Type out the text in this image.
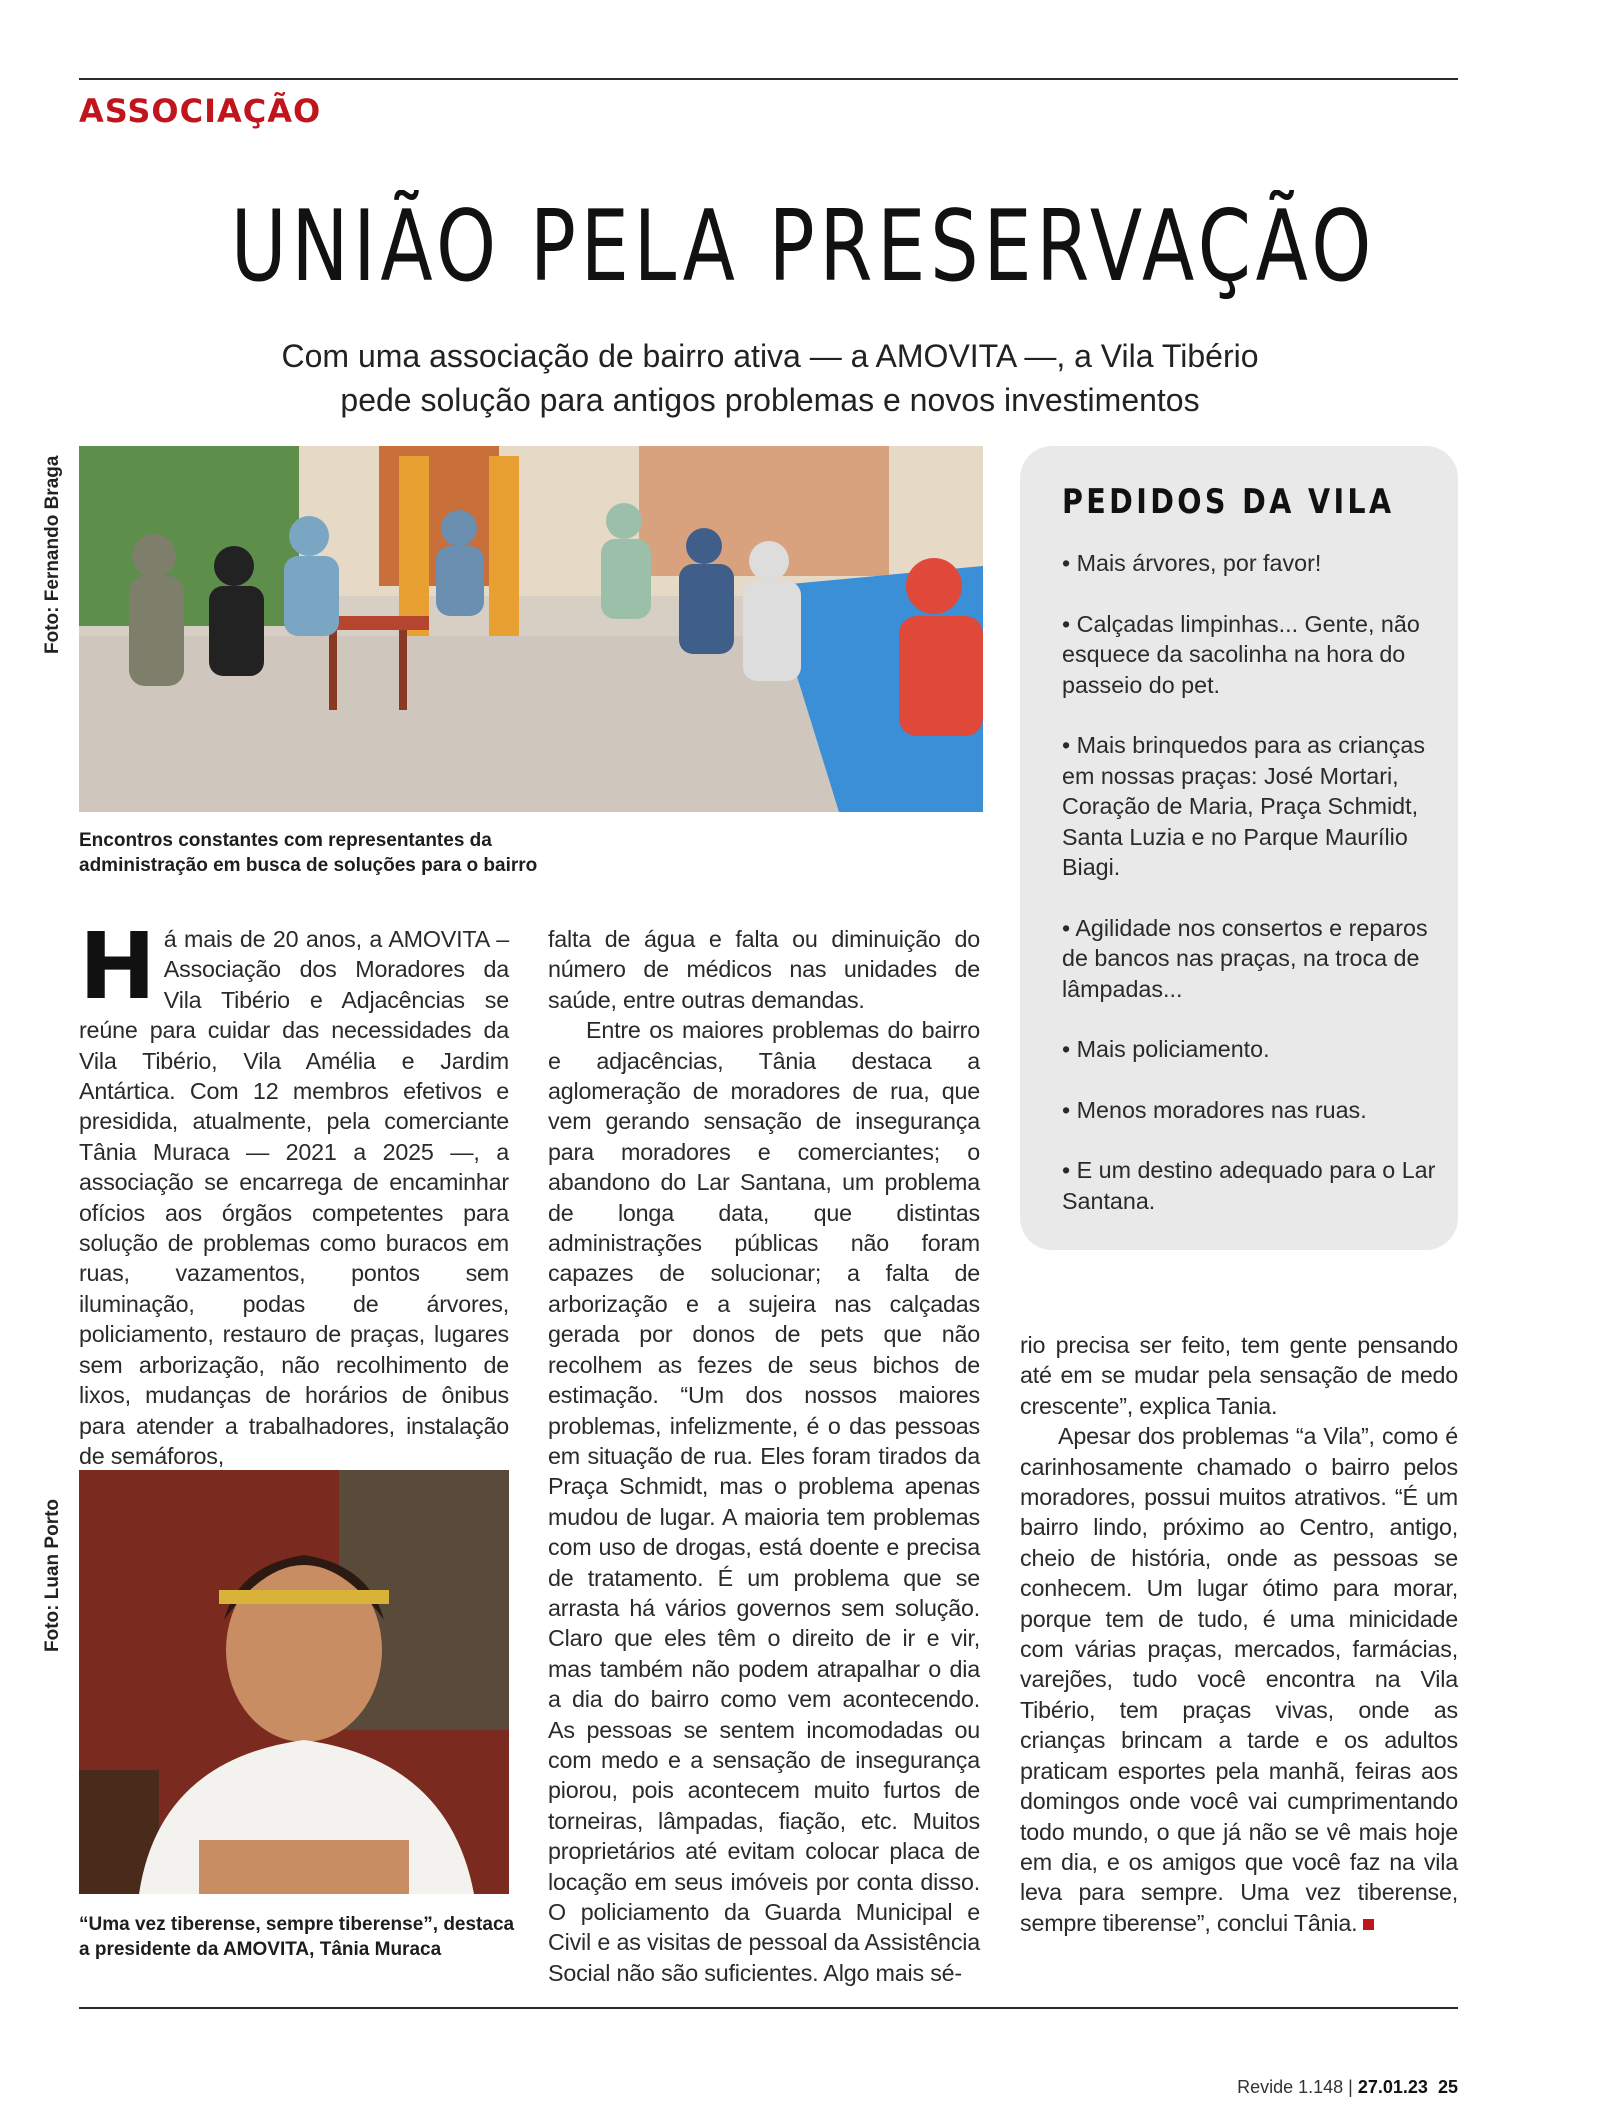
ASSOCIAÇÃO
UNIÃO PELA PRESERVAÇÃO
Com uma associação de bairro ativa — a AMOVITA —, a Vila Tibério
pede solução para antigos problemas e novos investimentos
Foto: Fernando Braga
Encontros constantes com representantes da
administração em busca de soluções para o bairro
PEDIDOS DA VILA
• Mais árvores, por favor!
• Calçadas limpinhas... Gente, não esquece da sacolinha na hora do passeio do pet.
• Mais brinquedos para as crianças em nossas praças: José Mortari, Coração de Maria, Praça Schmidt, Santa Luzia e no Parque Maurílio Biagi.
• Agilidade nos consertos e reparos de bancos nas praças, na troca de lâmpadas...
• Mais policiamento.
• Menos moradores nas ruas.
• E um destino adequado para o Lar Santana.
H á mais de 20 anos, a AMOVITA – Associação dos Moradores da Vila Tibério e Adjacências se reúne para cuidar das necessidades da Vila Tibério, Vila Amélia e Jardim Antártica. Com 12 membros efetivos e presidida, atualmente, pela comerciante Tânia Muraca — 2021 a 2025 —, a associação se encarrega de encaminhar ofícios aos órgãos competentes para solução de problemas como buracos em ruas, vazamentos, pontos sem iluminação, podas de árvores, policiamento, restauro de praças, lugares sem arborização, não recolhimento de lixos, mudanças de horários de ônibus para atender a trabalhadores, instalação de semáforos,

Foto: Luan Porto
“Uma vez tiberense, sempre tiberense”, destaca
a presidente da AMOVITA, Tânia Muraca

falta de água e falta ou diminuição do número de médicos nas unidades de saúde, entre outras demandas.

Entre os maiores problemas do bairro e adjacências, Tânia destaca a aglomeração de moradores de rua, que vem gerando sensação de insegurança para moradores e comerciantes; o abandono do Lar Santana, um problema de longa data, que distintas administrações públicas não foram capazes de solucionar; a falta de arborização e a sujeira nas calçadas gerada por donos de pets que não recolhem as fezes de seus bichos de estimação. “Um dos nossos maiores problemas, infelizmente, é o das pessoas em situação de rua. Eles foram tirados da Praça Schmidt, mas o problema apenas mudou de lugar. A maioria tem problemas com uso de drogas, está doente e precisa de tratamento. É um problema que se arrasta há vários governos sem solução. Claro que eles têm o direito de ir e vir, mas também não podem atrapalhar o dia a dia do bairro como vem acontecendo. As pessoas se sentem incomodadas ou com medo e a sensação de insegurança piorou, pois acontecem muito furtos de torneiras, lâmpadas, fiação, etc. Muitos proprietários até evitam colocar placa de locação em seus imóveis por conta disso. O policiamento da Guarda Municipal e Civil e as visitas de pessoal da Assistência Social não são suficientes. Algo mais sé-

rio precisa ser feito, tem gente pensando até em se mudar pela sensação de medo crescente”, explica Tania.

Apesar dos problemas “a Vila”, como é carinhosamente chamado o bairro pelos moradores, possui muitos atrativos. “É um bairro lindo, próximo ao Centro, antigo, cheio de história, onde as pessoas se conhecem. Um lugar ótimo para morar, porque tem de tudo, é uma minicidade com várias praças, mercados, farmácias, varejões, tudo você encontra na Vila Tibério, tem praças vivas, onde as crianças brincam a tarde e os adultos praticam esportes pela manhã, feiras aos domingos onde você vai cumprimentando todo mundo, o que já não se vê mais hoje em dia, e os amigos que você faz na vila leva para sempre. Uma vez tiberense, sempre tiberense”, conclui Tânia.

Revide 1.148 | 27.01.23 25
